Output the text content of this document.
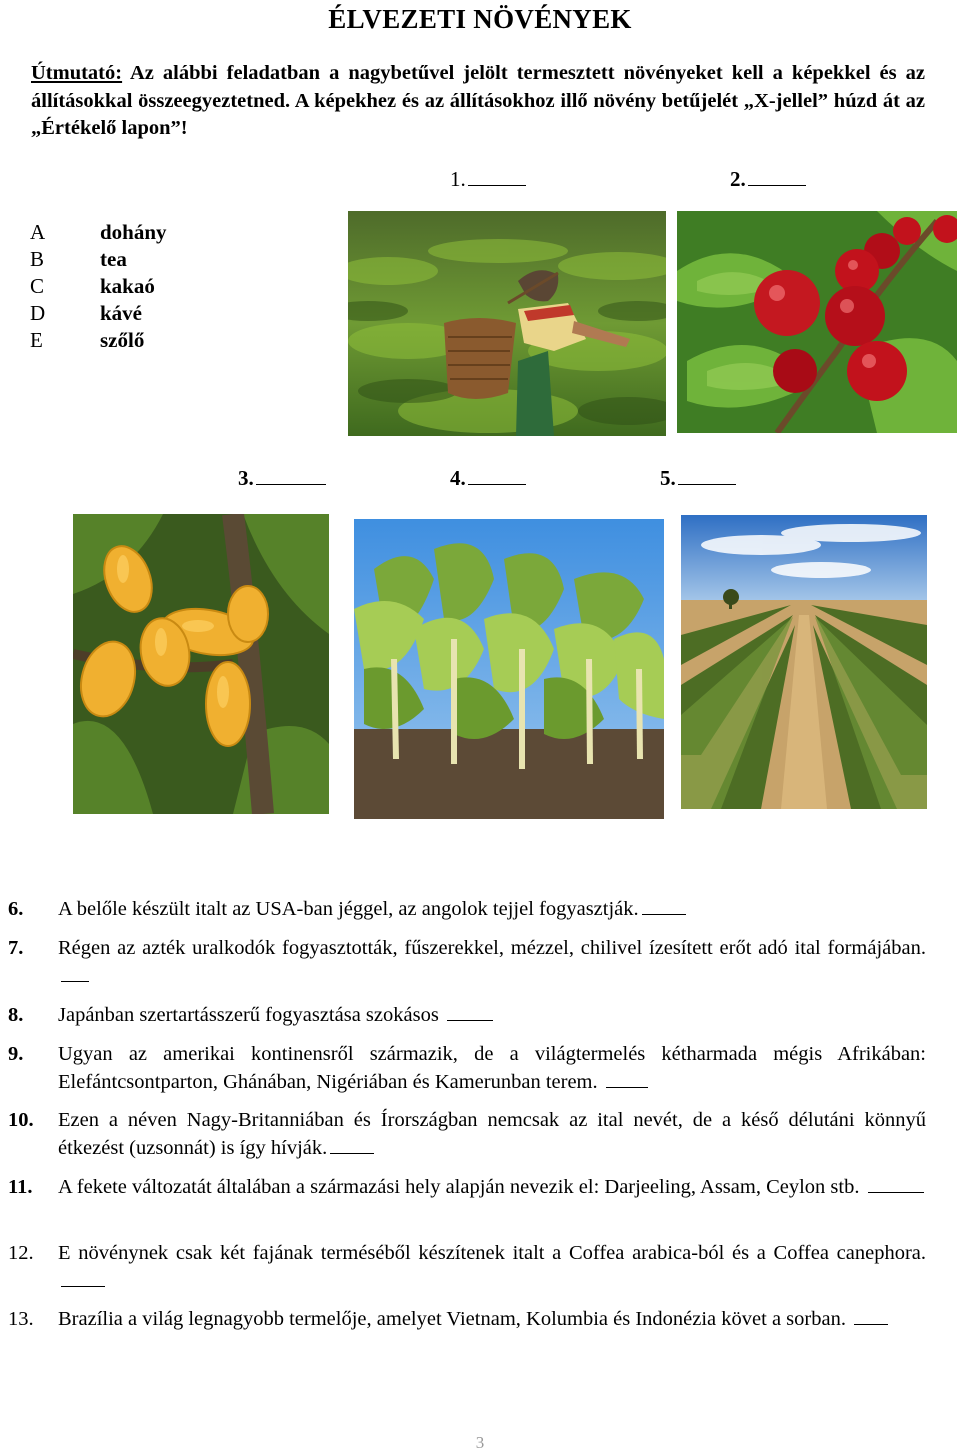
ÉLVEZETI NÖVÉNYEK
Útmutató: Az alábbi feladatban a nagybetűvel jelölt termesztett növényeket kell a képekkel és az állításokkal összeegyeztetned. A képekhez és az állításokhoz illő növény betűjelét „X-jellel” húzd át az „Értékelő lapon”!
A	dohány
B	tea
C	kakaó
D	kávé
E	szőlő
1.	2.
3.	4.	5.
6.	A belőle készült italt az USA-ban jéggel, az angolok tejjel fogyasztják.
7.	Régen az azték uralkodók fogyasztották, fűszerekkel, mézzel, chilivel ízesített erőt adó ital formájában.
8.	Japánban szertartásszerű fogyasztása szokásos
9.	Ugyan az amerikai kontinensről származik, de a világtermelés kétharmada mégis Afrikában: Elefántcsontparton, Ghánában, Nigériában és Kamerunban terem.
10.	Ezen a néven Nagy-Britanniában és Írországban nemcsak az ital nevét, de a késő délutáni könnyű étkezést (uzsonnát) is így hívják.
11.	A fekete változatát általában a származási hely alapján nevezik el: Darjeeling, Assam, Ceylon stb.
12.	E növénynek csak két fajának terméséből készítenek italt a Coffea arabica-ból és a Coffea canephora.
13.	Brazília a világ legnagyobb termelője, amelyet Vietnam, Kolumbia és Indonézia követ a sorban.
3
